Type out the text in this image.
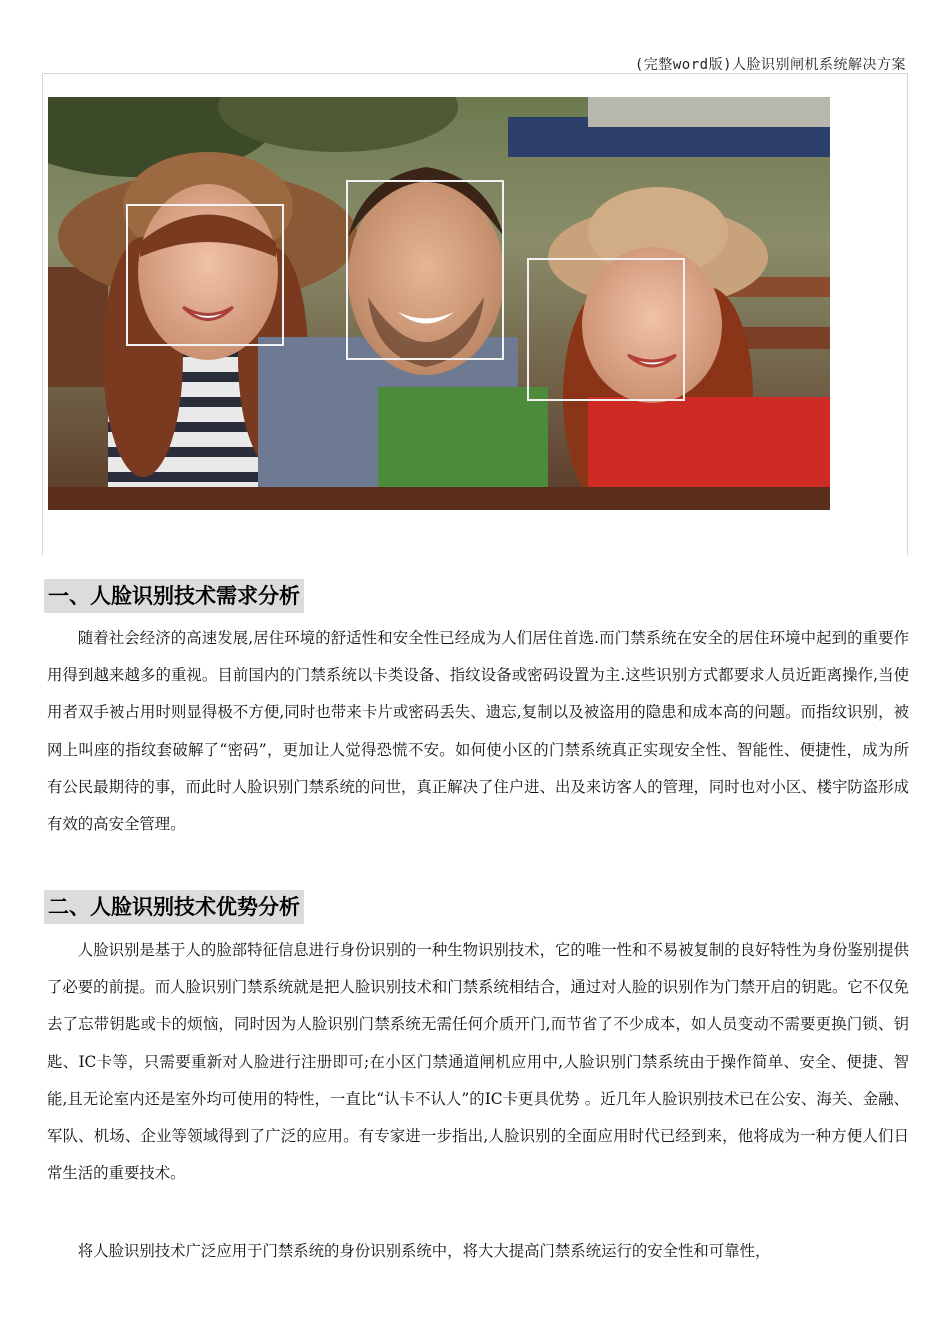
(完整word版)人脸识别闸机系统解决方案
一、人脸识别技术需求分析

随着社会经济的高速发展,居住环境的舒适性和安全性已经成为人们居住首选.而门禁系统在安全的居住环境中起到的重要作用得到越来越多的重视。目前国内的门禁系统以卡类设备、指纹设备或密码设置为主.这些识别方式都要求人员近距离操作,当使用者双手被占用时则显得极不方便,同时也带来卡片或密码丢失、遗忘,复制以及被盗用的隐患和成本高的问题。而指纹识别，被网上叫座的指纹套破解了“密码”，更加让人觉得恐慌不安。如何使小区的门禁系统真正实现安全性、智能性、便捷性，成为所有公民最期待的事，而此时人脸识别门禁系统的问世，真正解决了住户进、出及来访客人的管理，同时也对小区、楼宇防盗形成有效的高安全管理。

二、人脸识别技术优势分析

人脸识别是基于人的脸部特征信息进行身份识别的一种生物识别技术，它的唯一性和不易被复制的良好特性为身份鉴别提供了必要的前提。而人脸识别门禁系统就是把人脸识别技术和门禁系统相结合，通过对人脸的识别作为门禁开启的钥匙。它不仅免去了忘带钥匙或卡的烦恼，同时因为人脸识别门禁系统无需任何介质开门,而节省了不少成本，如人员变动不需要更换门锁、钥匙、IC卡等，只需要重新对人脸进行注册即可;在小区门禁通道闸机应用中,人脸识别门禁系统由于操作简单、安全、便捷、智能,且无论室内还是室外均可使用的特性，一直比“认卡不认人”的IC卡更具优势 。近几年人脸识别技术已在公安、海关、金融、军队、机场、企业等领域得到了广泛的应用。有专家进一步指出,人脸识别的全面应用时代已经到来，他将成为一种方便人们日常生活的重要技术。

将人脸识别技术广泛应用于门禁系统的身份识别系统中，将大大提高门禁系统运行的安全性和可靠性，
